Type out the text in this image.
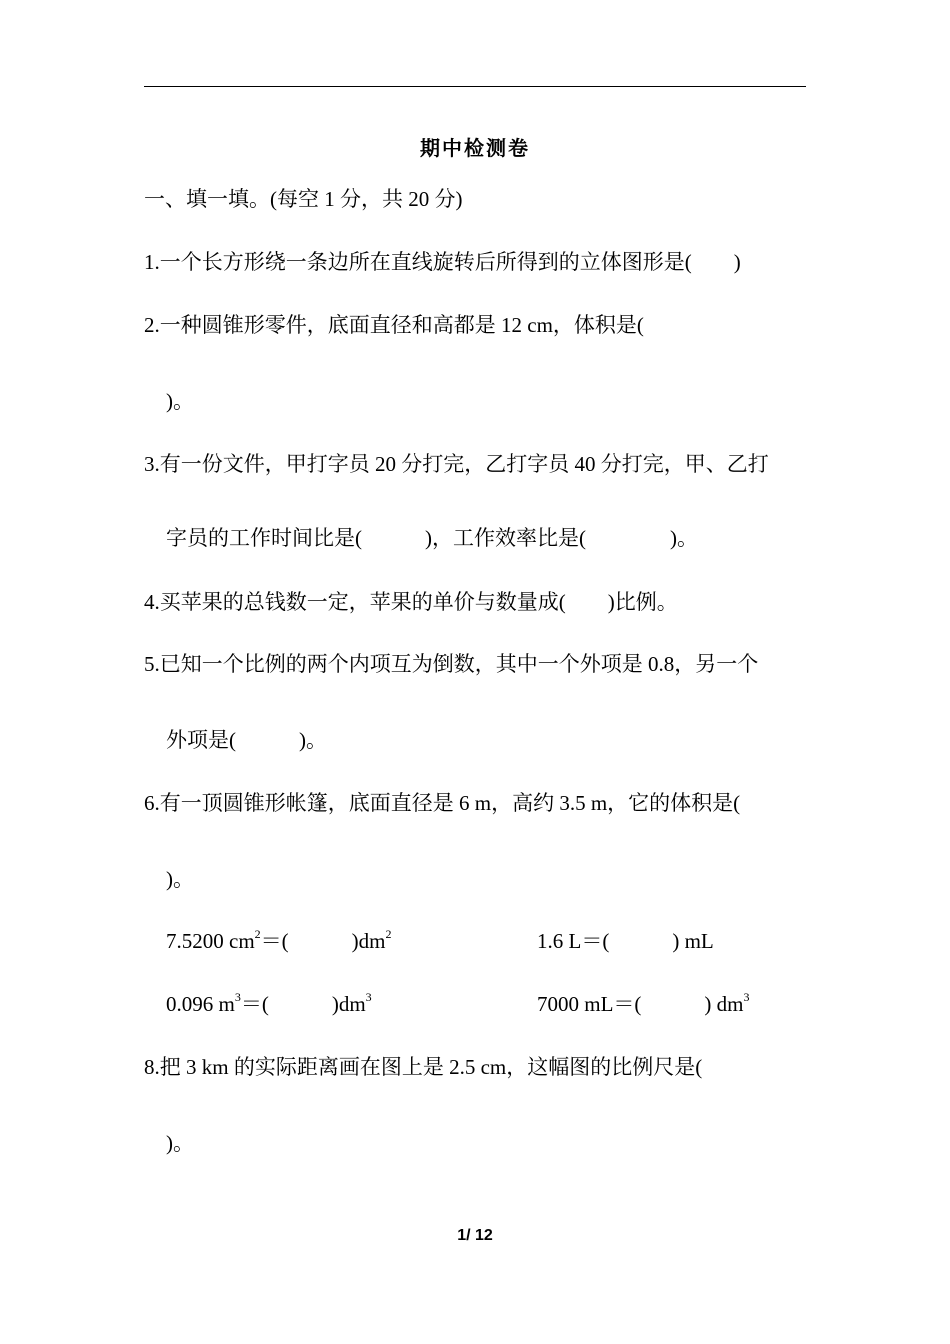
期中检测卷
一、填一填。(每空 1 分，共 20 分)
1.一个长方形绕一条边所在直线旋转后所得到的立体图形是(　　)
2.一种圆锥形零件，底面直径和高都是 12 cm，体积是(
)。
3.有一份文件，甲打字员 20 分打完，乙打字员 40 分打完，甲、乙打
字员的工作时间比是(　　　)，工作效率比是(　　　　)。
4.买苹果的总钱数一定，苹果的单价与数量成(　　)比例。
5.已知一个比例的两个内项互为倒数，其中一个外项是 0.8，另一个
外项是(　　　)。
6.有一顶圆锥形帐篷，底面直径是 6 m，高约 3.5 m，它的体积是(
)。
7.5200 $cm^2=$(　　　)$dm^2$	1.6 L＝(　　　) mL
0.096 $m^3=$(　　　)$dm^3$	7000 mL＝(　　　) $dm^3$
8.把 3 km 的实际距离画在图上是 2.5 cm，这幅图的比例尺是(
)。
1/ 12
